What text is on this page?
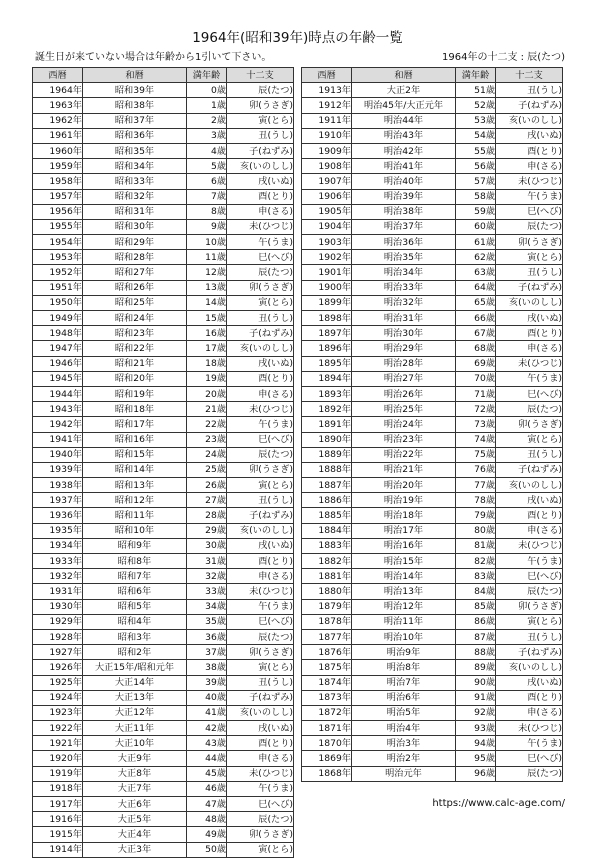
1964年(昭和39年)時点の年齢一覧
誕生日が来ていない場合は年齢から1引いて下さい。	1964年の十二支 : 辰(たつ)
西暦	和暦	満年齢	十二支
1964年	昭和39年	0歳	辰(たつ)
1963年	昭和38年	1歳	卯(うさぎ)
1962年	昭和37年	2歳	寅(とら)
1961年	昭和36年	3歳	丑(うし)
1960年	昭和35年	4歳	子(ねずみ)
1959年	昭和34年	5歳	亥(いのしし)
1958年	昭和33年	6歳	戌(いぬ)
1957年	昭和32年	7歳	酉(とり)
1956年	昭和31年	8歳	申(さる)
1955年	昭和30年	9歳	未(ひつじ)
1954年	昭和29年	10歳	午(うま)
1953年	昭和28年	11歳	巳(へび)
1952年	昭和27年	12歳	辰(たつ)
1951年	昭和26年	13歳	卯(うさぎ)
1950年	昭和25年	14歳	寅(とら)
1949年	昭和24年	15歳	丑(うし)
1948年	昭和23年	16歳	子(ねずみ)
1947年	昭和22年	17歳	亥(いのしし)
1946年	昭和21年	18歳	戌(いぬ)
1945年	昭和20年	19歳	酉(とり)
1944年	昭和19年	20歳	申(さる)
1943年	昭和18年	21歳	未(ひつじ)
1942年	昭和17年	22歳	午(うま)
1941年	昭和16年	23歳	巳(へび)
1940年	昭和15年	24歳	辰(たつ)
1939年	昭和14年	25歳	卯(うさぎ)
1938年	昭和13年	26歳	寅(とら)
1937年	昭和12年	27歳	丑(うし)
1936年	昭和11年	28歳	子(ねずみ)
1935年	昭和10年	29歳	亥(いのしし)
1934年	昭和9年	30歳	戌(いぬ)
1933年	昭和8年	31歳	酉(とり)
1932年	昭和7年	32歳	申(さる)
1931年	昭和6年	33歳	未(ひつじ)
1930年	昭和5年	34歳	午(うま)
1929年	昭和4年	35歳	巳(へび)
1928年	昭和3年	36歳	辰(たつ)
1927年	昭和2年	37歳	卯(うさぎ)
1926年	大正15年/昭和元年	38歳	寅(とら)
1925年	大正14年	39歳	丑(うし)
1924年	大正13年	40歳	子(ねずみ)
1923年	大正12年	41歳	亥(いのしし)
1922年	大正11年	42歳	戌(いぬ)
1921年	大正10年	43歳	酉(とり)
1920年	大正9年	44歳	申(さる)
1919年	大正8年	45歳	未(ひつじ)
1918年	大正7年	46歳	午(うま)
1917年	大正6年	47歳	巳(へび)
1916年	大正5年	48歳	辰(たつ)
1915年	大正4年	49歳	卯(うさぎ)
1914年	大正3年	50歳	寅(とら)
西暦	和暦	満年齢	十二支
1913年	大正2年	51歳	丑(うし)
1912年	明治45年/大正元年	52歳	子(ねずみ)
1911年	明治44年	53歳	亥(いのしし)
1910年	明治43年	54歳	戌(いぬ)
1909年	明治42年	55歳	酉(とり)
1908年	明治41年	56歳	申(さる)
1907年	明治40年	57歳	未(ひつじ)
1906年	明治39年	58歳	午(うま)
1905年	明治38年	59歳	巳(へび)
1904年	明治37年	60歳	辰(たつ)
1903年	明治36年	61歳	卯(うさぎ)
1902年	明治35年	62歳	寅(とら)
1901年	明治34年	63歳	丑(うし)
1900年	明治33年	64歳	子(ねずみ)
1899年	明治32年	65歳	亥(いのしし)
1898年	明治31年	66歳	戌(いぬ)
1897年	明治30年	67歳	酉(とり)
1896年	明治29年	68歳	申(さる)
1895年	明治28年	69歳	未(ひつじ)
1894年	明治27年	70歳	午(うま)
1893年	明治26年	71歳	巳(へび)
1892年	明治25年	72歳	辰(たつ)
1891年	明治24年	73歳	卯(うさぎ)
1890年	明治23年	74歳	寅(とら)
1889年	明治22年	75歳	丑(うし)
1888年	明治21年	76歳	子(ねずみ)
1887年	明治20年	77歳	亥(いのしし)
1886年	明治19年	78歳	戌(いぬ)
1885年	明治18年	79歳	酉(とり)
1884年	明治17年	80歳	申(さる)
1883年	明治16年	81歳	未(ひつじ)
1882年	明治15年	82歳	午(うま)
1881年	明治14年	83歳	巳(へび)
1880年	明治13年	84歳	辰(たつ)
1879年	明治12年	85歳	卯(うさぎ)
1878年	明治11年	86歳	寅(とら)
1877年	明治10年	87歳	丑(うし)
1876年	明治9年	88歳	子(ねずみ)
1875年	明治8年	89歳	亥(いのしし)
1874年	明治7年	90歳	戌(いぬ)
1873年	明治6年	91歳	酉(とり)
1872年	明治5年	92歳	申(さる)
1871年	明治4年	93歳	未(ひつじ)
1870年	明治3年	94歳	午(うま)
1869年	明治2年	95歳	巳(へび)
1868年	明治元年	96歳	辰(たつ)
https://www.calc-age.com/
